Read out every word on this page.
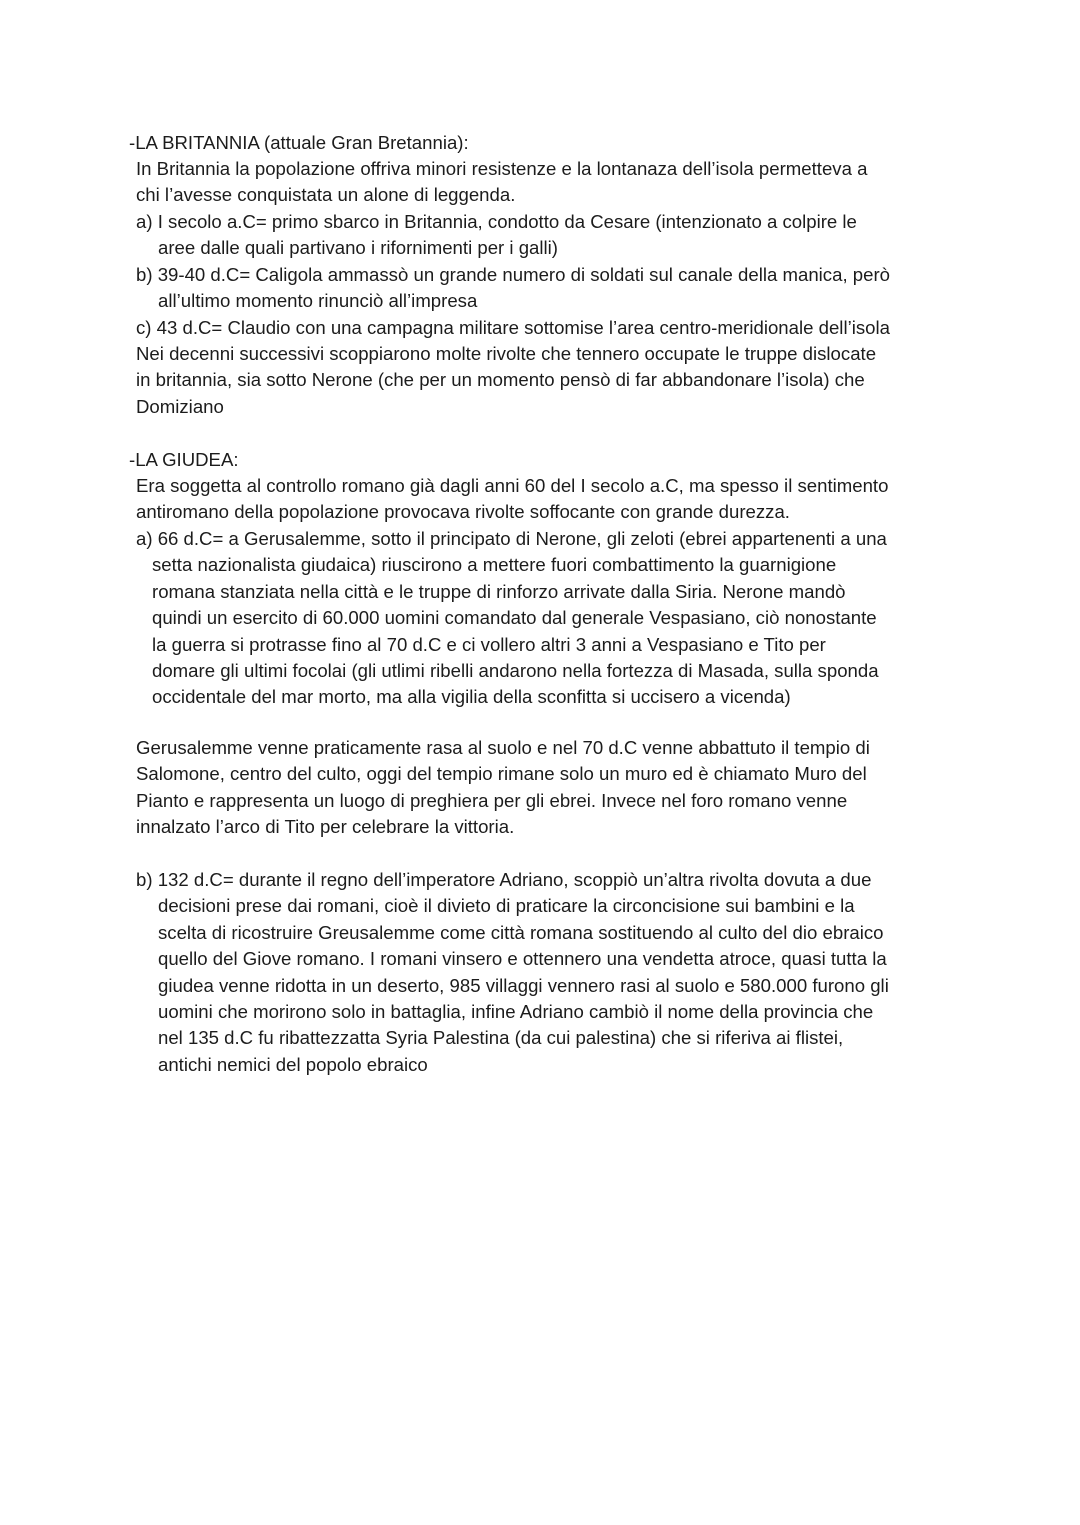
-LA BRITANNIA (attuale Gran Bretannia):
In Britannia la popolazione offriva minori resistenze e la lontanaza dell’isola permetteva a
chi l’avesse conquistata un alone di leggenda.
a) I secolo a.C= primo sbarco in Britannia, condotto da Cesare (intenzionato a colpire le
aree dalle quali partivano i rifornimenti per i galli)
b) 39-40 d.C= Caligola ammassò un grande numero di soldati sul canale della manica, però
all’ultimo momento rinunciò all’impresa
c) 43 d.C= Claudio con una campagna militare sottomise l’area centro-meridionale dell’isola
Nei decenni successivi scoppiarono molte rivolte che tennero occupate le truppe dislocate
in britannia, sia sotto Nerone (che per un momento pensò di far abbandonare l’isola) che
Domiziano
-LA GIUDEA:
Era soggetta al controllo romano già dagli anni 60 del I secolo a.C, ma spesso il sentimento
antiromano della popolazione provocava rivolte soffocante con grande durezza.
a) 66 d.C= a Gerusalemme, sotto il principato di Nerone, gli zeloti (ebrei appartenenti a una
setta nazionalista giudaica) riuscirono a mettere fuori combattimento la guarnigione
romana stanziata nella città e le truppe di rinforzo arrivate dalla Siria. Nerone mandò
quindi un esercito di 60.000 uomini comandato dal generale Vespasiano, ciò nonostante
la guerra si protrasse fino al 70 d.C e ci vollero altri 3 anni a Vespasiano e Tito per
domare gli ultimi focolai (gli utlimi ribelli andarono nella fortezza di Masada, sulla sponda
occidentale del mar morto, ma alla vigilia della sconfitta si uccisero a vicenda)
Gerusalemme venne praticamente rasa al suolo e nel 70 d.C venne abbattuto il tempio di
Salomone, centro del culto, oggi del tempio rimane solo un muro ed è chiamato Muro del
Pianto e rappresenta un luogo di preghiera per gli ebrei. Invece nel foro romano venne
innalzato l’arco di Tito per celebrare la vittoria.
b) 132 d.C= durante il regno dell’imperatore Adriano, scoppiò un’altra rivolta dovuta a due
decisioni prese dai romani, cioè il divieto di praticare la circoncisione sui bambini e la
scelta di ricostruire Greusalemme come città romana sostituendo al culto del dio ebraico
quello del Giove romano. I romani vinsero e ottennero una vendetta atroce, quasi tutta la
giudea venne ridotta in un deserto, 985 villaggi vennero rasi al suolo e 580.000 furono gli
uomini che morirono solo in battaglia, infine Adriano cambiò il nome della provincia che
nel 135 d.C fu ribattezzatta Syria Palestina (da cui palestina) che si riferiva ai flistei,
antichi nemici del popolo ebraico
